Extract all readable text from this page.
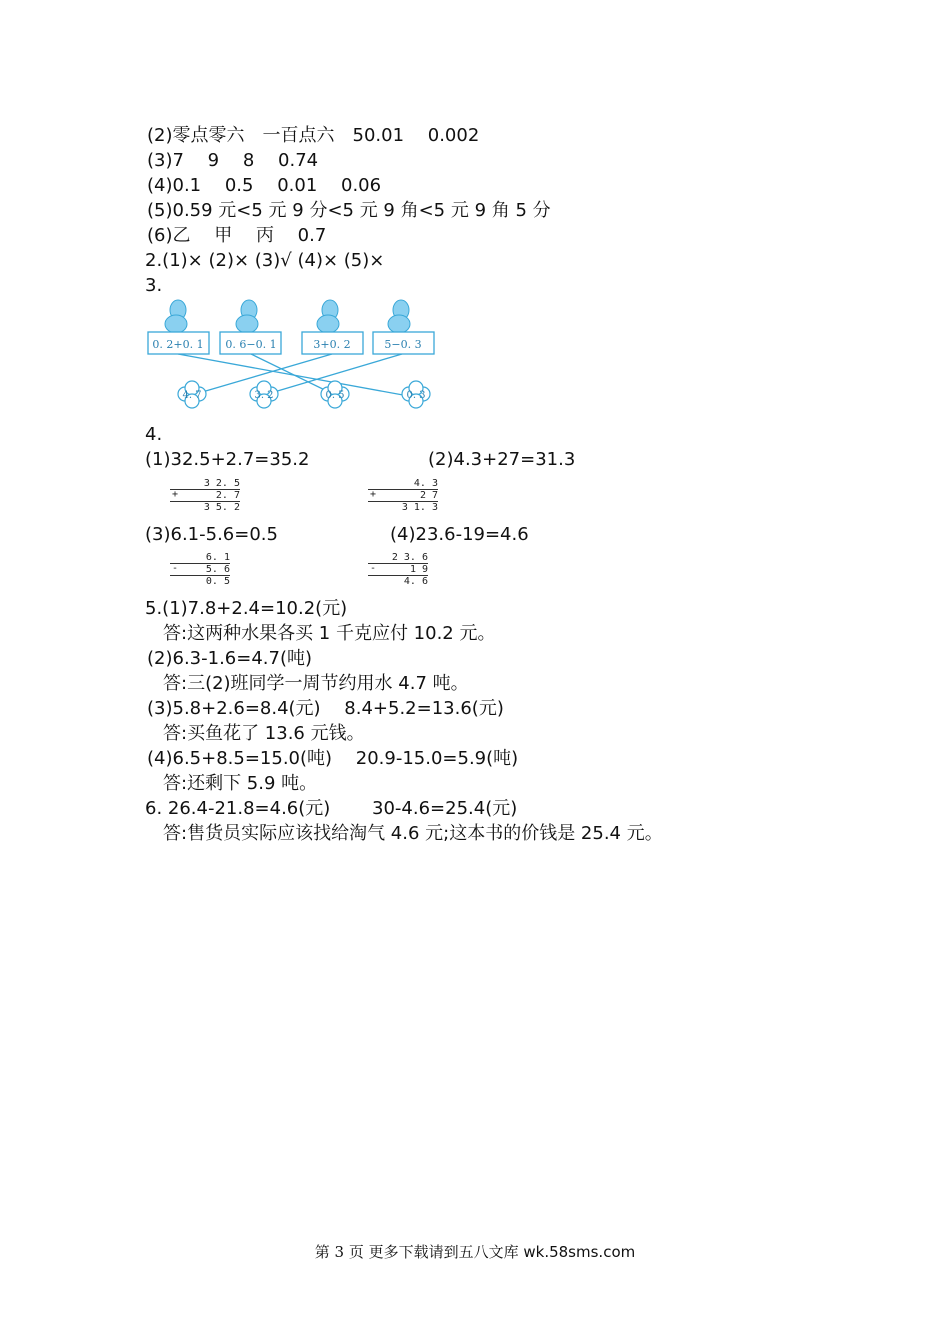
(2)零点零六　一百点六　50.01　 0.002
(3)7　 9　 8　 0.74
(4)0.1　 0.5　 0.01　 0.06
(5)0.59 元<5 元 9 分<5 元 9 角<5 元 9 角 5 分
(6)乙　 甲　 丙　 0.7
2.(1)× (2)× (3)√ (4)× (5)×
3.
0. 2+0. 1 0. 6−0. 1	3+0. 2	5−0. 3
4. 7	3. 2	0. 5	0. 3
4.
(1)32.5+2.7=35.2	(2)4.3+27=31.3
3 2. 5
+	2. 7
3 5. 2
4. 3
+	2 7
3 1. 3
(3)6.1-5.6=0.5	(4)23.6-19=4.6
6. 1
-	5. 6
0. 5
2 3. 6
-	1 9
4. 6
5.(1)7.8+2.4=10.2(元)
答:这两种水果各买 1 千克应付 10.2 元。
(2)6.3-1.6=4.7(吨)
答:三(2)班同学一周节约用水 4.7 吨。
(3)5.8+2.6=8.4(元)　 8.4+5.2=13.6(元)
答:买鱼花了 13.6 元钱。
(4)6.5+8.5=15.0(吨)　 20.9-15.0=5.9(吨)
答:还剩下 5.9 吨。
6. 26.4-21.8=4.6(元)　　 30-4.6=25.4(元)
答:售货员实际应该找给淘气 4.6 元;这本书的价钱是 25.4 元。
第 3 页 更多下载请到五八文库 wk.58sms.com
